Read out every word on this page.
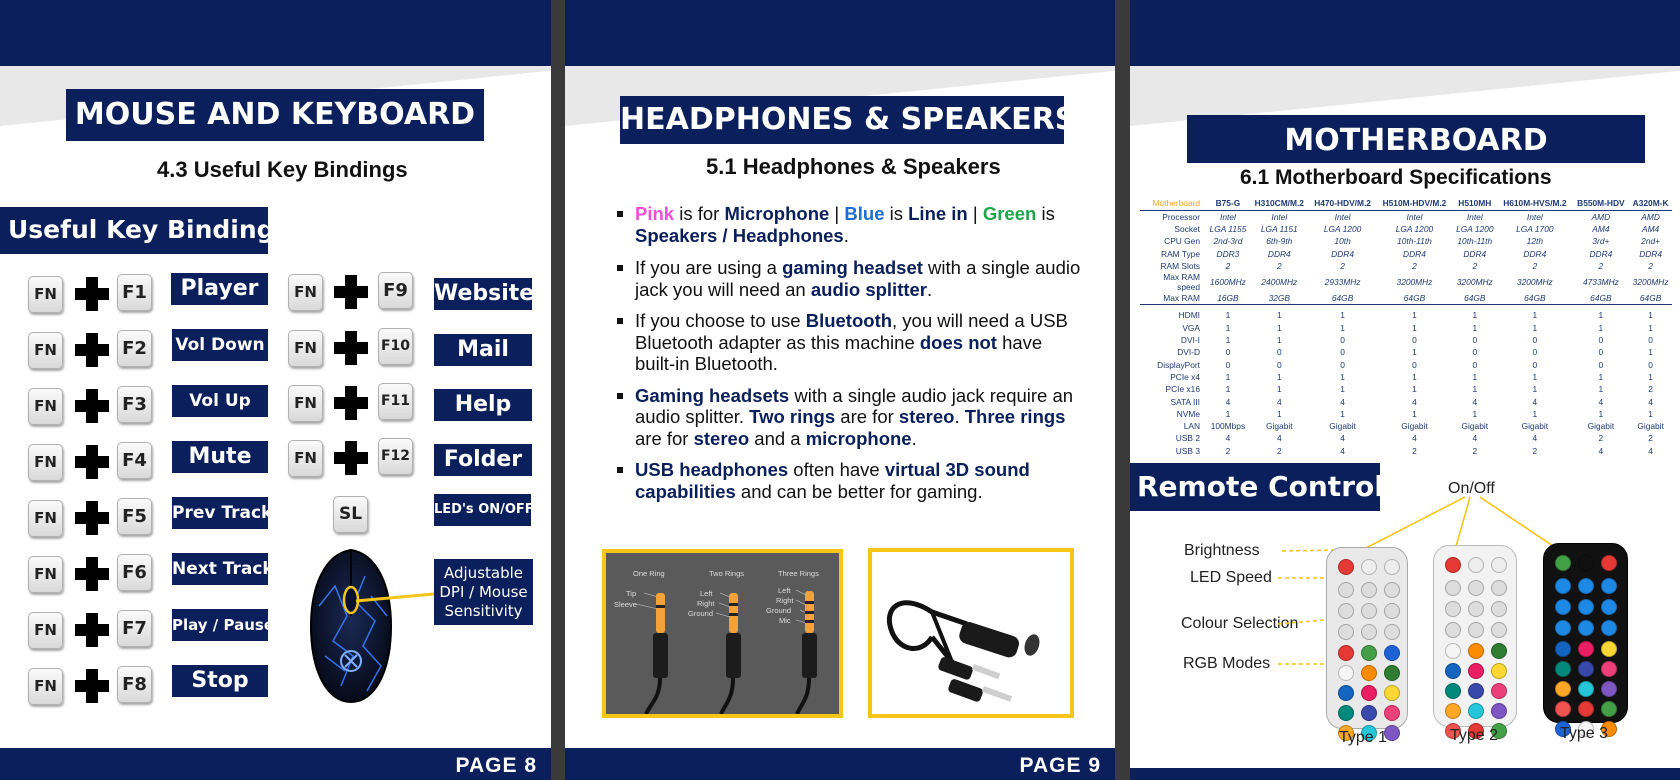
MOUSE AND KEYBOARD
4.3 Useful Key Bindings
Useful Key Bindings
FN	F1	Player
FN	F2 Vol Down
FN	F3	Vol Up
FN	F4	Mute
FN	F5 Prev Track
FN	F6 Next Track
FN	F7	Play / Pause
FN	F8	Stop
FN	F9 Website
FN	F10	Mail
FN	F11	Help
FN	F12	Folder
SL	LED's ON/OFF
Adjustable DPI / Mouse Sensitivity
PAGE 8
HEADPHONES & SPEAKERS
5.1 Headphones & Speakers
Pink is for Microphone | Blue is Line in | Green is Speakers / Headphones.
If you are using a gaming headset with a single audio jack you will need an audio splitter.
If you choose to use Bluetooth, you will need a USB Bluetooth adapter as this machine does not have built-in Bluetooth.
Gaming headsets with a single audio jack require an audio splitter. Two rings are for stereo. Three rings are for stereo and a microphone.
USB headphones often have virtual 3D sound capabilities and can be better for gaming.
One Ring	Two Rings	Three Rings
Tip
Sleeve
Left
Right
Ground
Left
Right
Ground
Mic
PAGE 9
MOTHERBOARD
6.1 Motherboard Specifications
Motherboard	B75-G	H310CM/M.2	H470-HDV/M.2	H510M-HDV/M.2	H510MH	H610M-HVS/M.2	B550M-HDV	A320M-K
	Processor	Intel	Intel	Intel	Intel	Intel	Intel	AMD	AMD
	Socket	LGA 1155	LGA 1151	LGA 1200	LGA 1200	LGA 1200	LGA 1700	AM4	AM4
	CPU Gen	2nd-3rd	6th-9th	10th	10th-11th	10th-11th	12th	3rd+	2nd+
	RAM Type	DDR3	DDR4	DDR4	DDR4	DDR4	DDR4	DDR4	DDR4
	RAM Slots	2	2	2	2	2	2	2	2
	Max RAM speed	1600MHz	2400MHz	2933MHz	3200MHz	3200MHz	3200MHz	4733MHz	3200MHz
	Max RAM	16GB	32GB	64GB	64GB	64GB	64GB	64GB	64GB

	HDMI	1	1	1	1	1	1	1	1
	VGA	1	1	1	1	1	1	1	1
	DVI-I	1	1	0	0	0	0	0	0
	DVI-D	0	0	0	1	0	0	0	1
	DisplayPort	0	0	0	0	0	0	0	0
	PCIe x4	1	1	1	1	1	1	1	1
	PCIe x16	1	1	1	1	1	1	1	2
	SATA III	4	4	4	4	4	4	4	4
	NVMe	1	1	1	1	1	1	1	1
	LAN	100Mbps	Gigabit	Gigabit	Gigabit	Gigabit	Gigabit	Gigabit	Gigabit
	USB 2	4	4	4	4	4	4	2	2
	USB 3	2	2	4	2	2	2	4	4
Remote Control	On/Off
Brightness
LED Speed
Colour Selection
RGB Modes
Type 1	Type 2	Type 3
